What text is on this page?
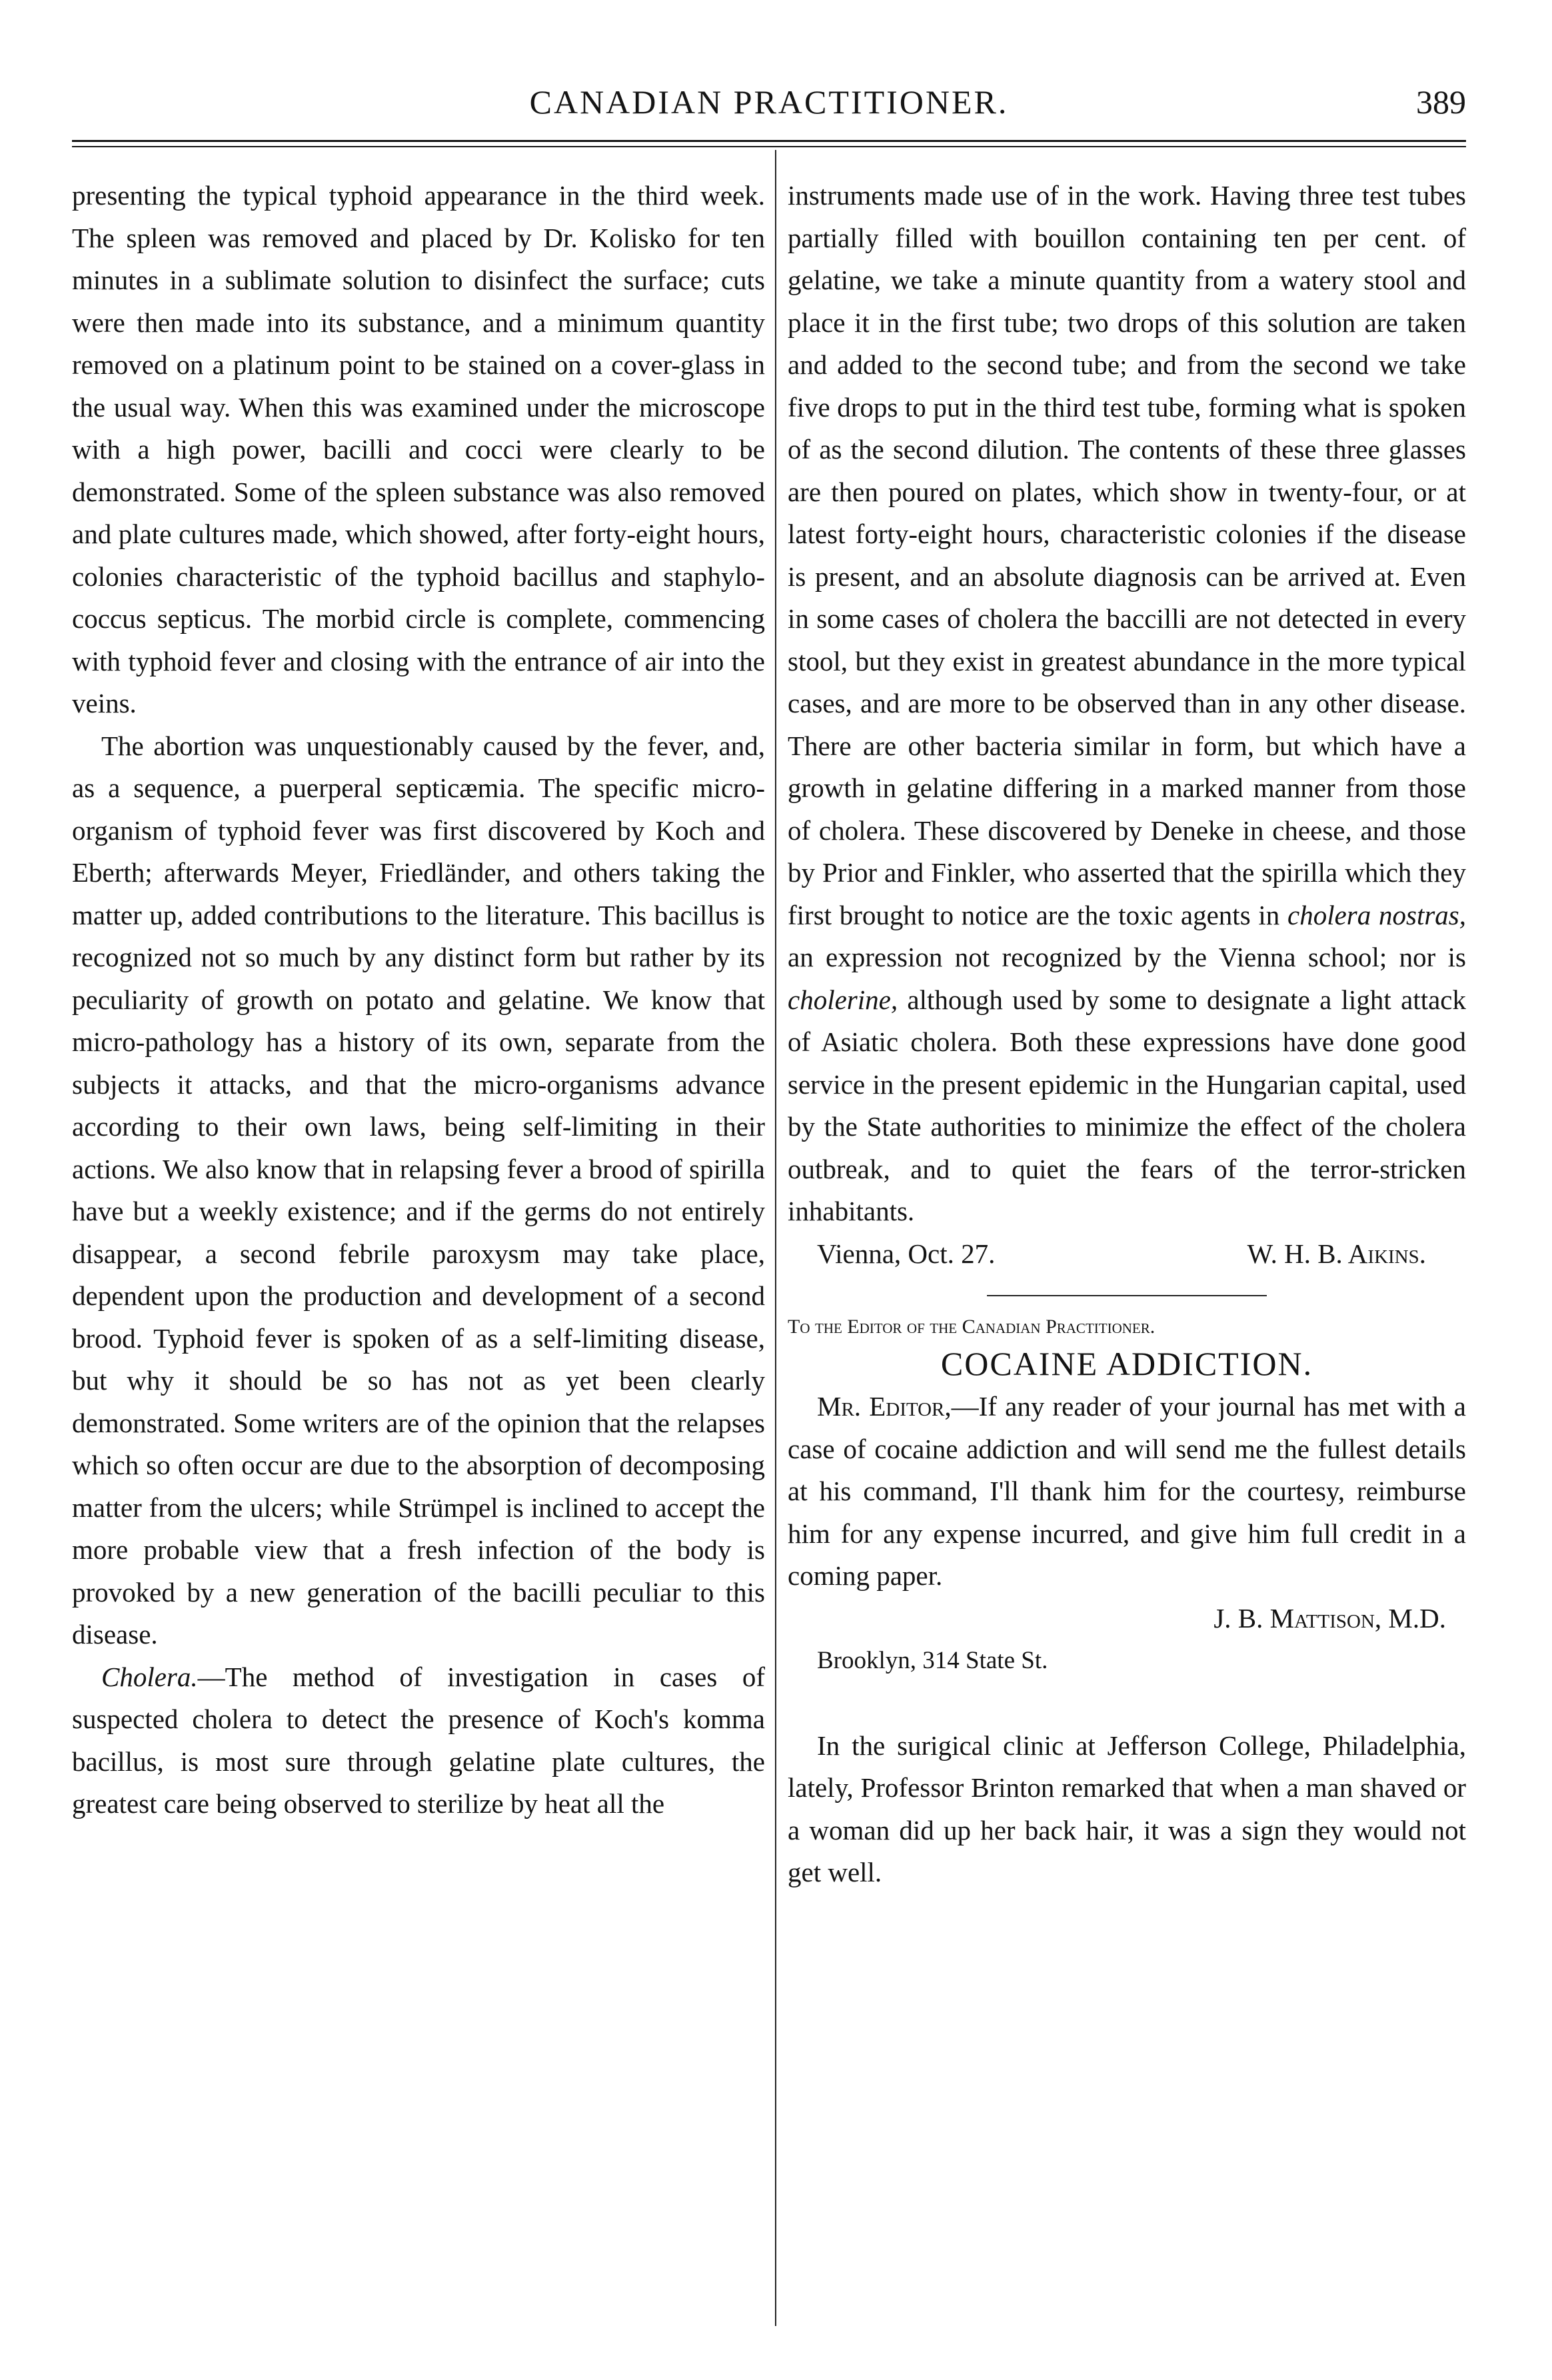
CANADIAN PRACTITIONER.	389

presenting the typical typhoid appearance in the third week. The spleen was removed and placed by Dr. Kolisko for ten minutes in a sublimate solution to disinfect the surface; cuts were then made into its substance, and a minimum quantity removed on a platinum point to be stained on a cover-glass in the usual way. When this was examined under the microscope with a high power, bacilli and cocci were clearly to be demonstrated. Some of the spleen substance was also removed and plate cultures made, which showed, after forty-eight hours, colonies characteristic of the typhoid bacillus and staphylo-coccus septicus. The morbid circle is complete, commencing with typhoid fever and closing with the entrance of air into the veins.

The abortion was unquestionably caused by the fever, and, as a sequence, a puerperal septicæmia. The specific micro-organism of typhoid fever was first discovered by Koch and Eberth; afterwards Meyer, Friedländer, and others taking the matter up, added contributions to the literature. This bacillus is recognized not so much by any distinct form but rather by its peculiarity of growth on potato and gelatine. We know that micro-pathology has a history of its own, separate from the subjects it attacks, and that the micro-organisms advance according to their own laws, being self-limiting in their actions. We also know that in relapsing fever a brood of spirilla have but a weekly existence; and if the germs do not entirely disappear, a second febrile paroxysm may take place, dependent upon the production and development of a second brood. Typhoid fever is spoken of as a self-limiting disease, but why it should be so has not as yet been clearly demonstrated. Some writers are of the opinion that the relapses which so often occur are due to the absorption of decomposing matter from the ulcers; while Strümpel is inclined to accept the more probable view that a fresh infection of the body is provoked by a new generation of the bacilli peculiar to this disease.

Cholera.—The method of investigation in cases of suspected cholera to detect the presence of Koch's komma bacillus, is most sure through gelatine plate cultures, the greatest care being observed to sterilize by heat all the

instruments made use of in the work. Having three test tubes partially filled with bouillon containing ten per cent. of gelatine, we take a minute quantity from a watery stool and place it in the first tube; two drops of this solution are taken and added to the second tube; and from the second we take five drops to put in the third test tube, forming what is spoken of as the second dilution. The contents of these three glasses are then poured on plates, which show in twenty-four, or at latest forty-eight hours, characteristic colonies if the disease is present, and an absolute diagnosis can be arrived at. Even in some cases of cholera the baccilli are not detected in every stool, but they exist in greatest abundance in the more typical cases, and are more to be observed than in any other disease. There are other bacteria similar in form, but which have a growth in gelatine differing in a marked manner from those of cholera. These discovered by Deneke in cheese, and those by Prior and Finkler, who asserted that the spirilla which they first brought to notice are the toxic agents in cholera nostras, an expression not recognized by the Vienna school; nor is cholerine, although used by some to designate a light attack of Asiatic cholera. Both these expressions have done good service in the present epidemic in the Hungarian capital, used by the State authorities to minimize the effect of the cholera outbreak, and to quiet the fears of the terror-stricken inhabitants.

Vienna, Oct. 27.	W. H. B. Aikins.
To the Editor of the Canadian Practitioner.
COCAINE ADDICTION.

Mr. Editor,—If any reader of your journal has met with a case of cocaine addiction and will send me the fullest details at his command, I'll thank him for the courtesy, reimburse him for any expense incurred, and give him full credit in a coming paper.

J. B. Mattison, M.D.
Brooklyn, 314 State St.

In the surigical clinic at Jefferson College, Philadelphia, lately, Professor Brinton remarked that when a man shaved or a woman did up her back hair, it was a sign they would not get well.
